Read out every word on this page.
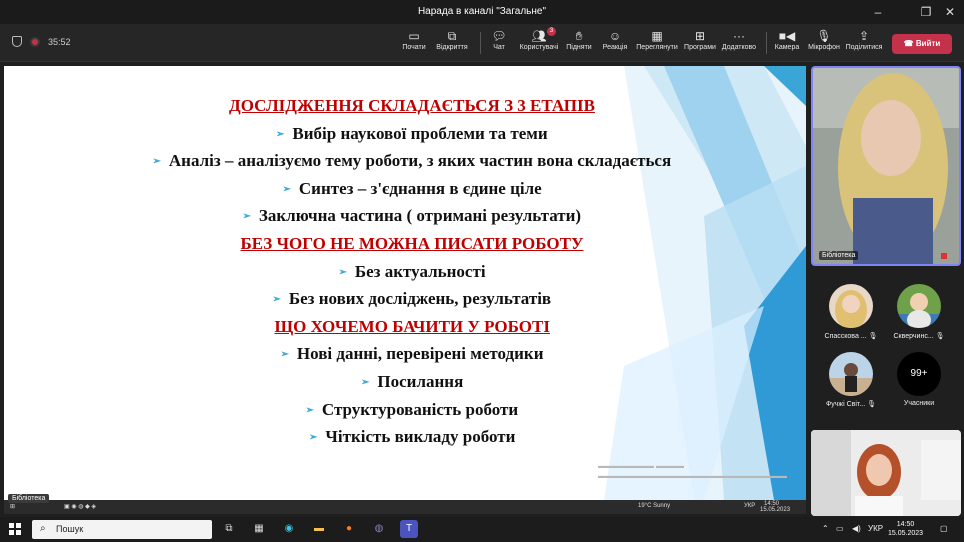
Нарада в каналі "Загальне"	–	❐	✕
35:52	▭
Почати
⧉
Відкриття
💬︎
Чат
👥︎ 3
Користувачі
✋︎
Підняти
☺
Реакція
▦
Переглянути
⊞
Програми
···
Додатково
■◀
Камера
🎙︎
Мікрофон
⇪
Поділитися	☎ Вийти
ДОСЛІДЖЕННЯ СКЛАДАЄТЬСЯ З 3 ЕТАПІВ
➢ Вибір наукової проблеми та теми
➢ Аналіз – аналізуємо тему роботи, з яких частин вона складається
➢ Синтез – з'єднання в єдине ціле
➢ Заключна частина ( отримані результати)
БЕЗ ЧОГО НЕ МОЖНА ПИСАТИ РОБОТУ
➢ Без актуальності
➢ Без нових досліджень, результатів
ЩО ХОЧЕМО БАЧИТИ У РОБОТІ
➢ Нові данні, перевірені методики
➢ Посилання
➢ Структурованість роботи
➢ Чіткість викладу роботи
▬▬▬▬▬▬▬▬ ▬▬▬▬
▬▬▬▬▬▬▬▬▬▬▬▬▬▬▬▬▬▬▬▬▬▬▬▬▬▬▬
⊞	▣ ◉ ◍ ◆ ◈	19°C Sunny	УКР 14:50
15.05.2023
Бібліотека
Бібліотека
Спасскова ... 🎙︎	Скверчинс... 🎙︎
Фучжі Світ... 🎙︎
99+
Учасники
⌕ Пошук	⧉	▦	◉	▬	●	◍	T	⌃ ▭ ◀) УКР	14:50
15.05.2023
▢
